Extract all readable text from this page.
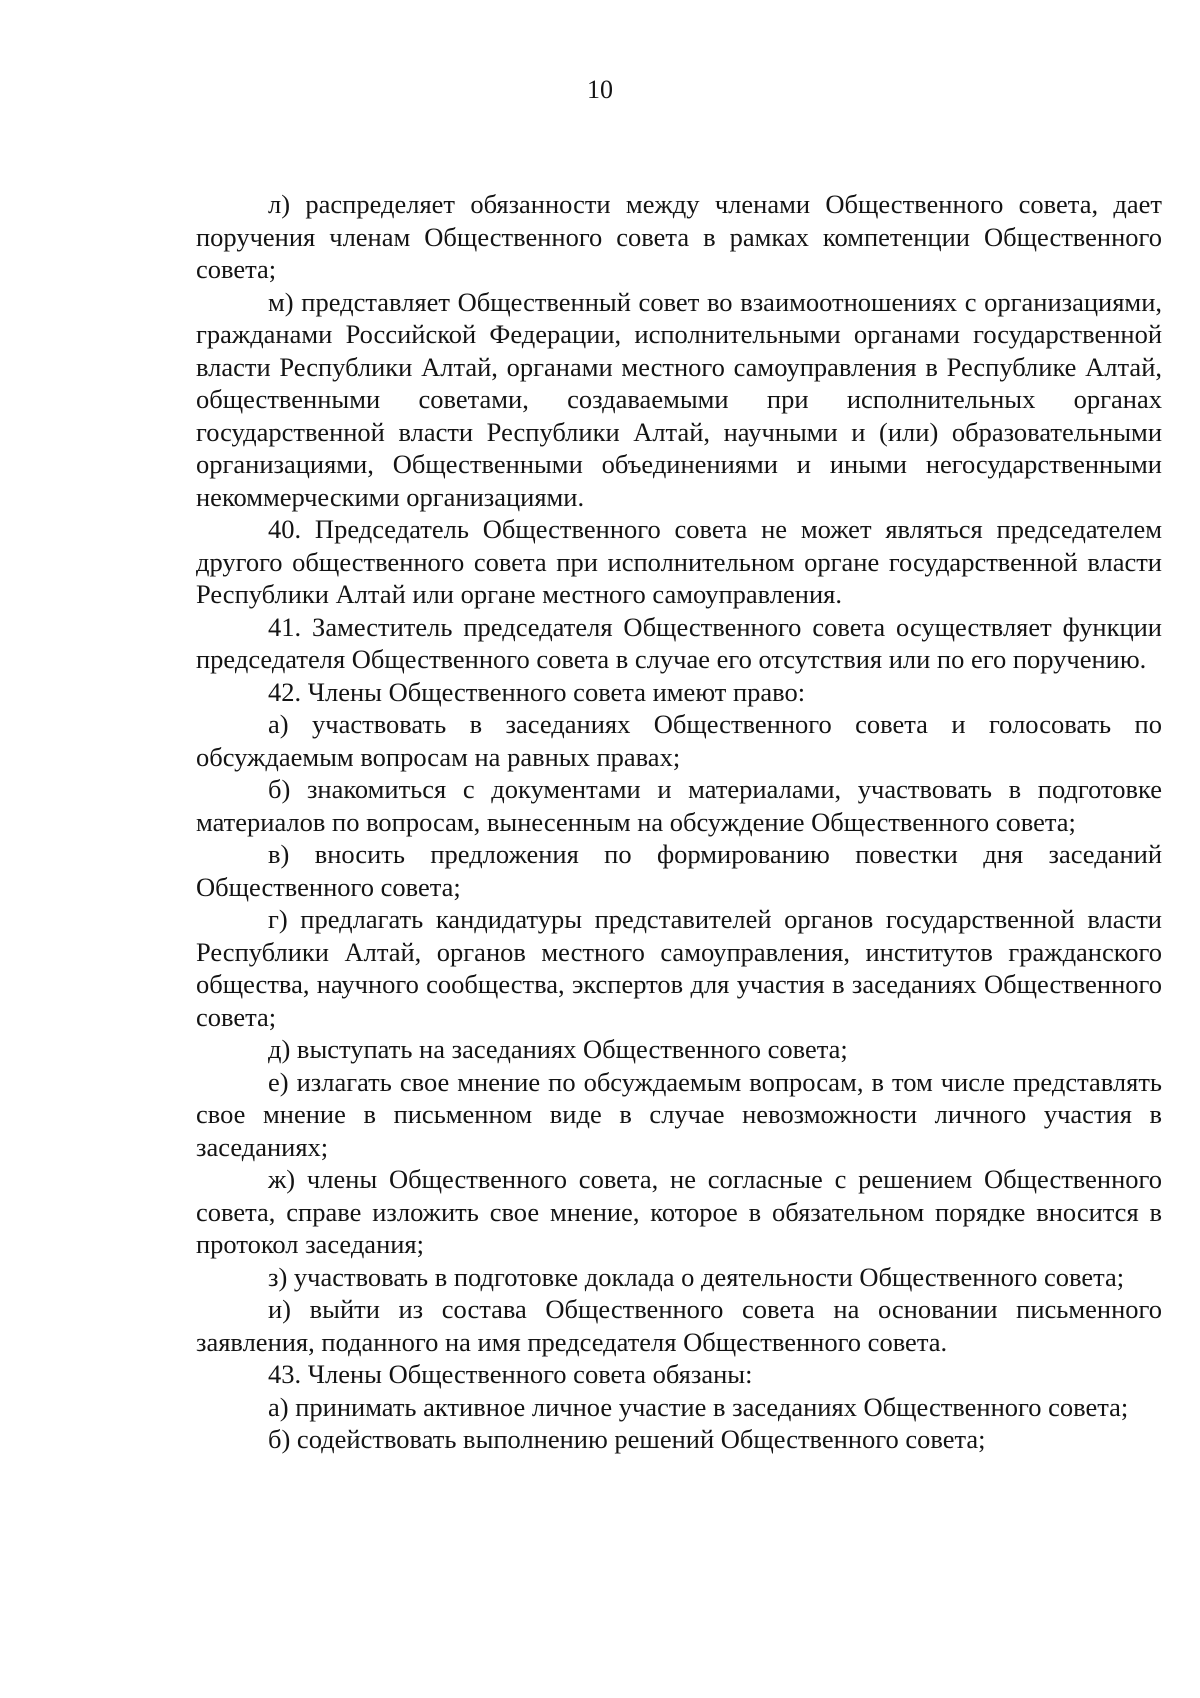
10

л) распределяет обязанности между членами Общественного совета, дает поручения членам Общественного совета в рамках компетенции Общественного совета;

м) представляет Общественный совет во взаимоотношениях с организациями, гражданами Российской Федерации, исполнительными органами государственной власти Республики Алтай, органами местного самоуправления в Республике Алтай, общественными советами, создаваемыми при исполнительных органах государственной власти Республики Алтай, научными и (или) образовательными организациями, Общественными объединениями и иными негосударственными некоммерческими организациями.

40. Председатель Общественного совета не может являться председателем другого общественного совета при исполнительном органе государственной власти Республики Алтай или органе местного самоуправления.

41. Заместитель председателя Общественного совета осуществляет функции председателя Общественного совета в случае его отсутствия или по его поручению.

42. Члены Общественного совета имеют право:

а) участвовать в заседаниях Общественного совета и голосовать по обсуждаемым вопросам на равных правах;

б) знакомиться с документами и материалами, участвовать в подготовке материалов по вопросам, вынесенным на обсуждение Общественного совета;

в) вносить предложения по формированию повестки дня заседаний Общественного совета;

г) предлагать кандидатуры представителей органов государственной власти Республики Алтай, органов местного самоуправления, институтов гражданского общества, научного сообщества, экспертов для участия в заседаниях Общественного совета;

д) выступать на заседаниях Общественного совета;

е) излагать свое мнение по обсуждаемым вопросам, в том числе представлять свое мнение в письменном виде в случае невозможности личного участия в заседаниях;

ж) члены Общественного совета, не согласные с решением Общественного совета, справе изложить свое мнение, которое в обязательном порядке вносится в протокол заседания;

з) участвовать в подготовке доклада о деятельности Общественного совета;

и) выйти из состава Общественного совета на основании письменного заявления, поданного на имя председателя Общественного совета.

43. Члены Общественного совета обязаны:

а) принимать активное личное участие в заседаниях Общественного совета;

б) содействовать выполнению решений Общественного совета;
